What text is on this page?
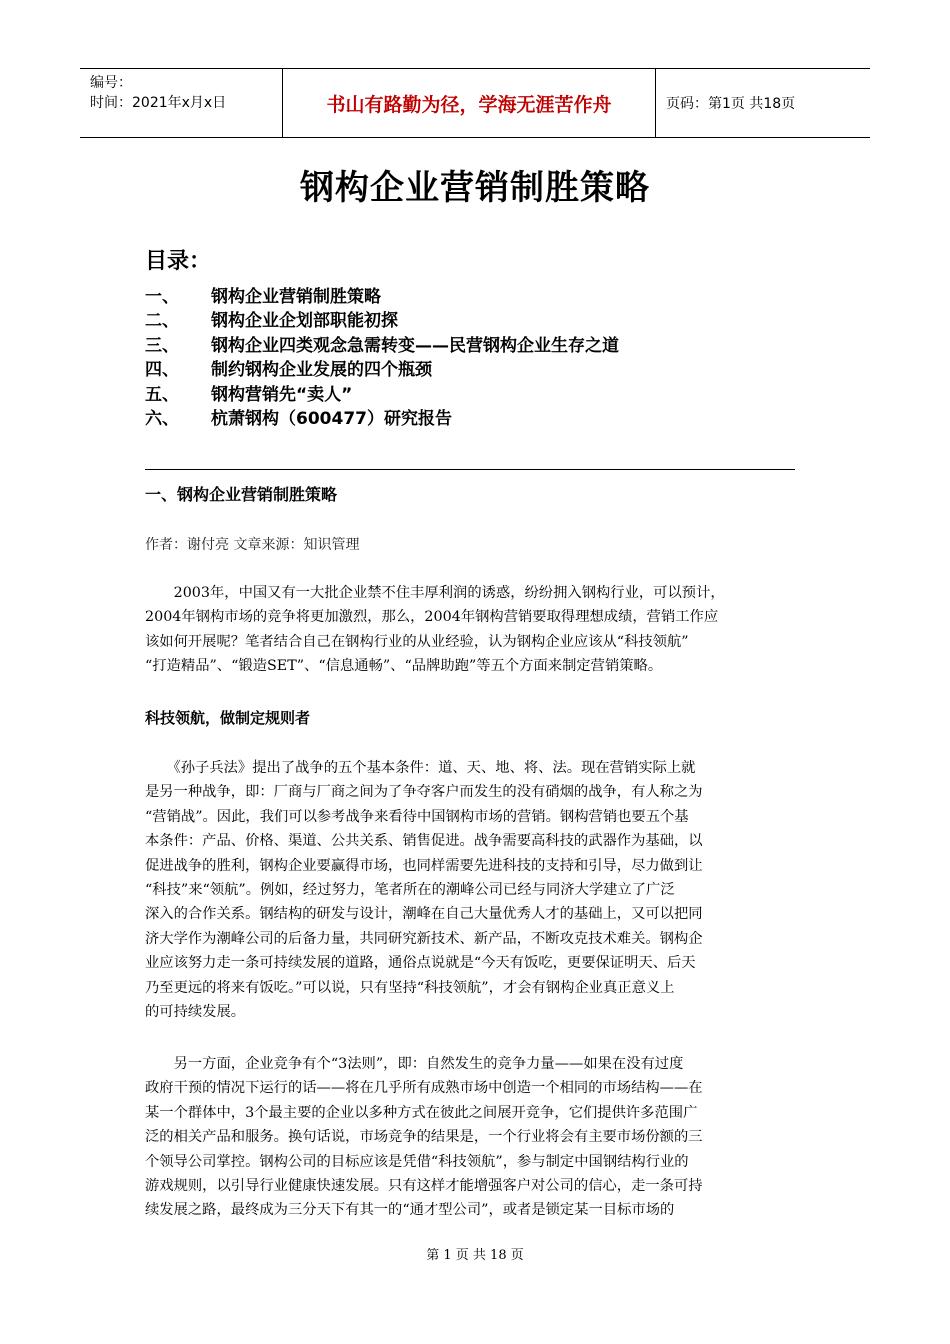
编号：
时间：2021年x月x日	书山有路勤为径，学海无涯苦作舟	页码：第1页 共18页
钢构企业营销制胜策略
目录：
一、 钢构企业营销制胜策略
二、 钢构企业企划部职能初探
三、 钢构企业四类观念急需转变——民营钢构企业生存之道
四、 制约钢构企业发展的四个瓶颈
五、 钢构营销先“卖人”
六、 杭萧钢构（600477）研究报告
一、钢构企业营销制胜策略
作者：谢付亮 文章来源：知识管理
　　2003年，中国又有一大批企业禁不住丰厚利润的诱惑，纷纷拥入钢构行业，可以预计，
2004年钢构市场的竞争将更加激烈，那么，2004年钢构营销要取得理想成绩，营销工作应
该如何开展呢？笔者结合自己在钢构行业的从业经验，认为钢构企业应该从“科技领航”
“打造精品”、“锻造SET”、“信息通畅”、“品牌助跑”等五个方面来制定营销策略。
科技领航，做制定规则者
　　《孙子兵法》提出了战争的五个基本条件：道、天、地、将、法。现在营销实际上就
是另一种战争，即：厂商与厂商之间为了争夺客户而发生的没有硝烟的战争，有人称之为
“营销战”。因此，我们可以参考战争来看待中国钢构市场的营销。钢构营销也要五个基
本条件：产品、价格、渠道、公共关系、销售促进。战争需要高科技的武器作为基础，以
促进战争的胜利，钢构企业要赢得市场，也同样需要先进科技的支持和引导，尽力做到让
“科技”来“领航”。例如，经过努力，笔者所在的潮峰公司已经与同济大学建立了广泛
深入的合作关系。钢结构的研发与设计，潮峰在自己大量优秀人才的基础上，又可以把同
济大学作为潮峰公司的后备力量，共同研究新技术、新产品，不断攻克技术难关。钢构企
业应该努力走一条可持续发展的道路，通俗点说就是“今天有饭吃，更要保证明天、后天
乃至更远的将来有饭吃。”可以说，只有坚持“科技领航”，才会有钢构企业真正意义上
的可持续发展。
　　另一方面，企业竞争有个“3法则”，即：自然发生的竞争力量——如果在没有过度
政府干预的情况下运行的话——将在几乎所有成熟市场中创造一个相同的市场结构——在
某一个群体中，3个最主要的企业以多种方式在彼此之间展开竞争，它们提供许多范围广
泛的相关产品和服务。换句话说，市场竞争的结果是，一个行业将会有主要市场份额的三
个领导公司掌控。钢构公司的目标应该是凭借“科技领航”，参与制定中国钢结构行业的
游戏规则，以引导行业健康快速发展。只有这样才能增强客户对公司的信心，走一条可持
续发展之路，最终成为三分天下有其一的“通才型公司”，或者是锁定某一目标市场的
第 1 页 共 18 页
